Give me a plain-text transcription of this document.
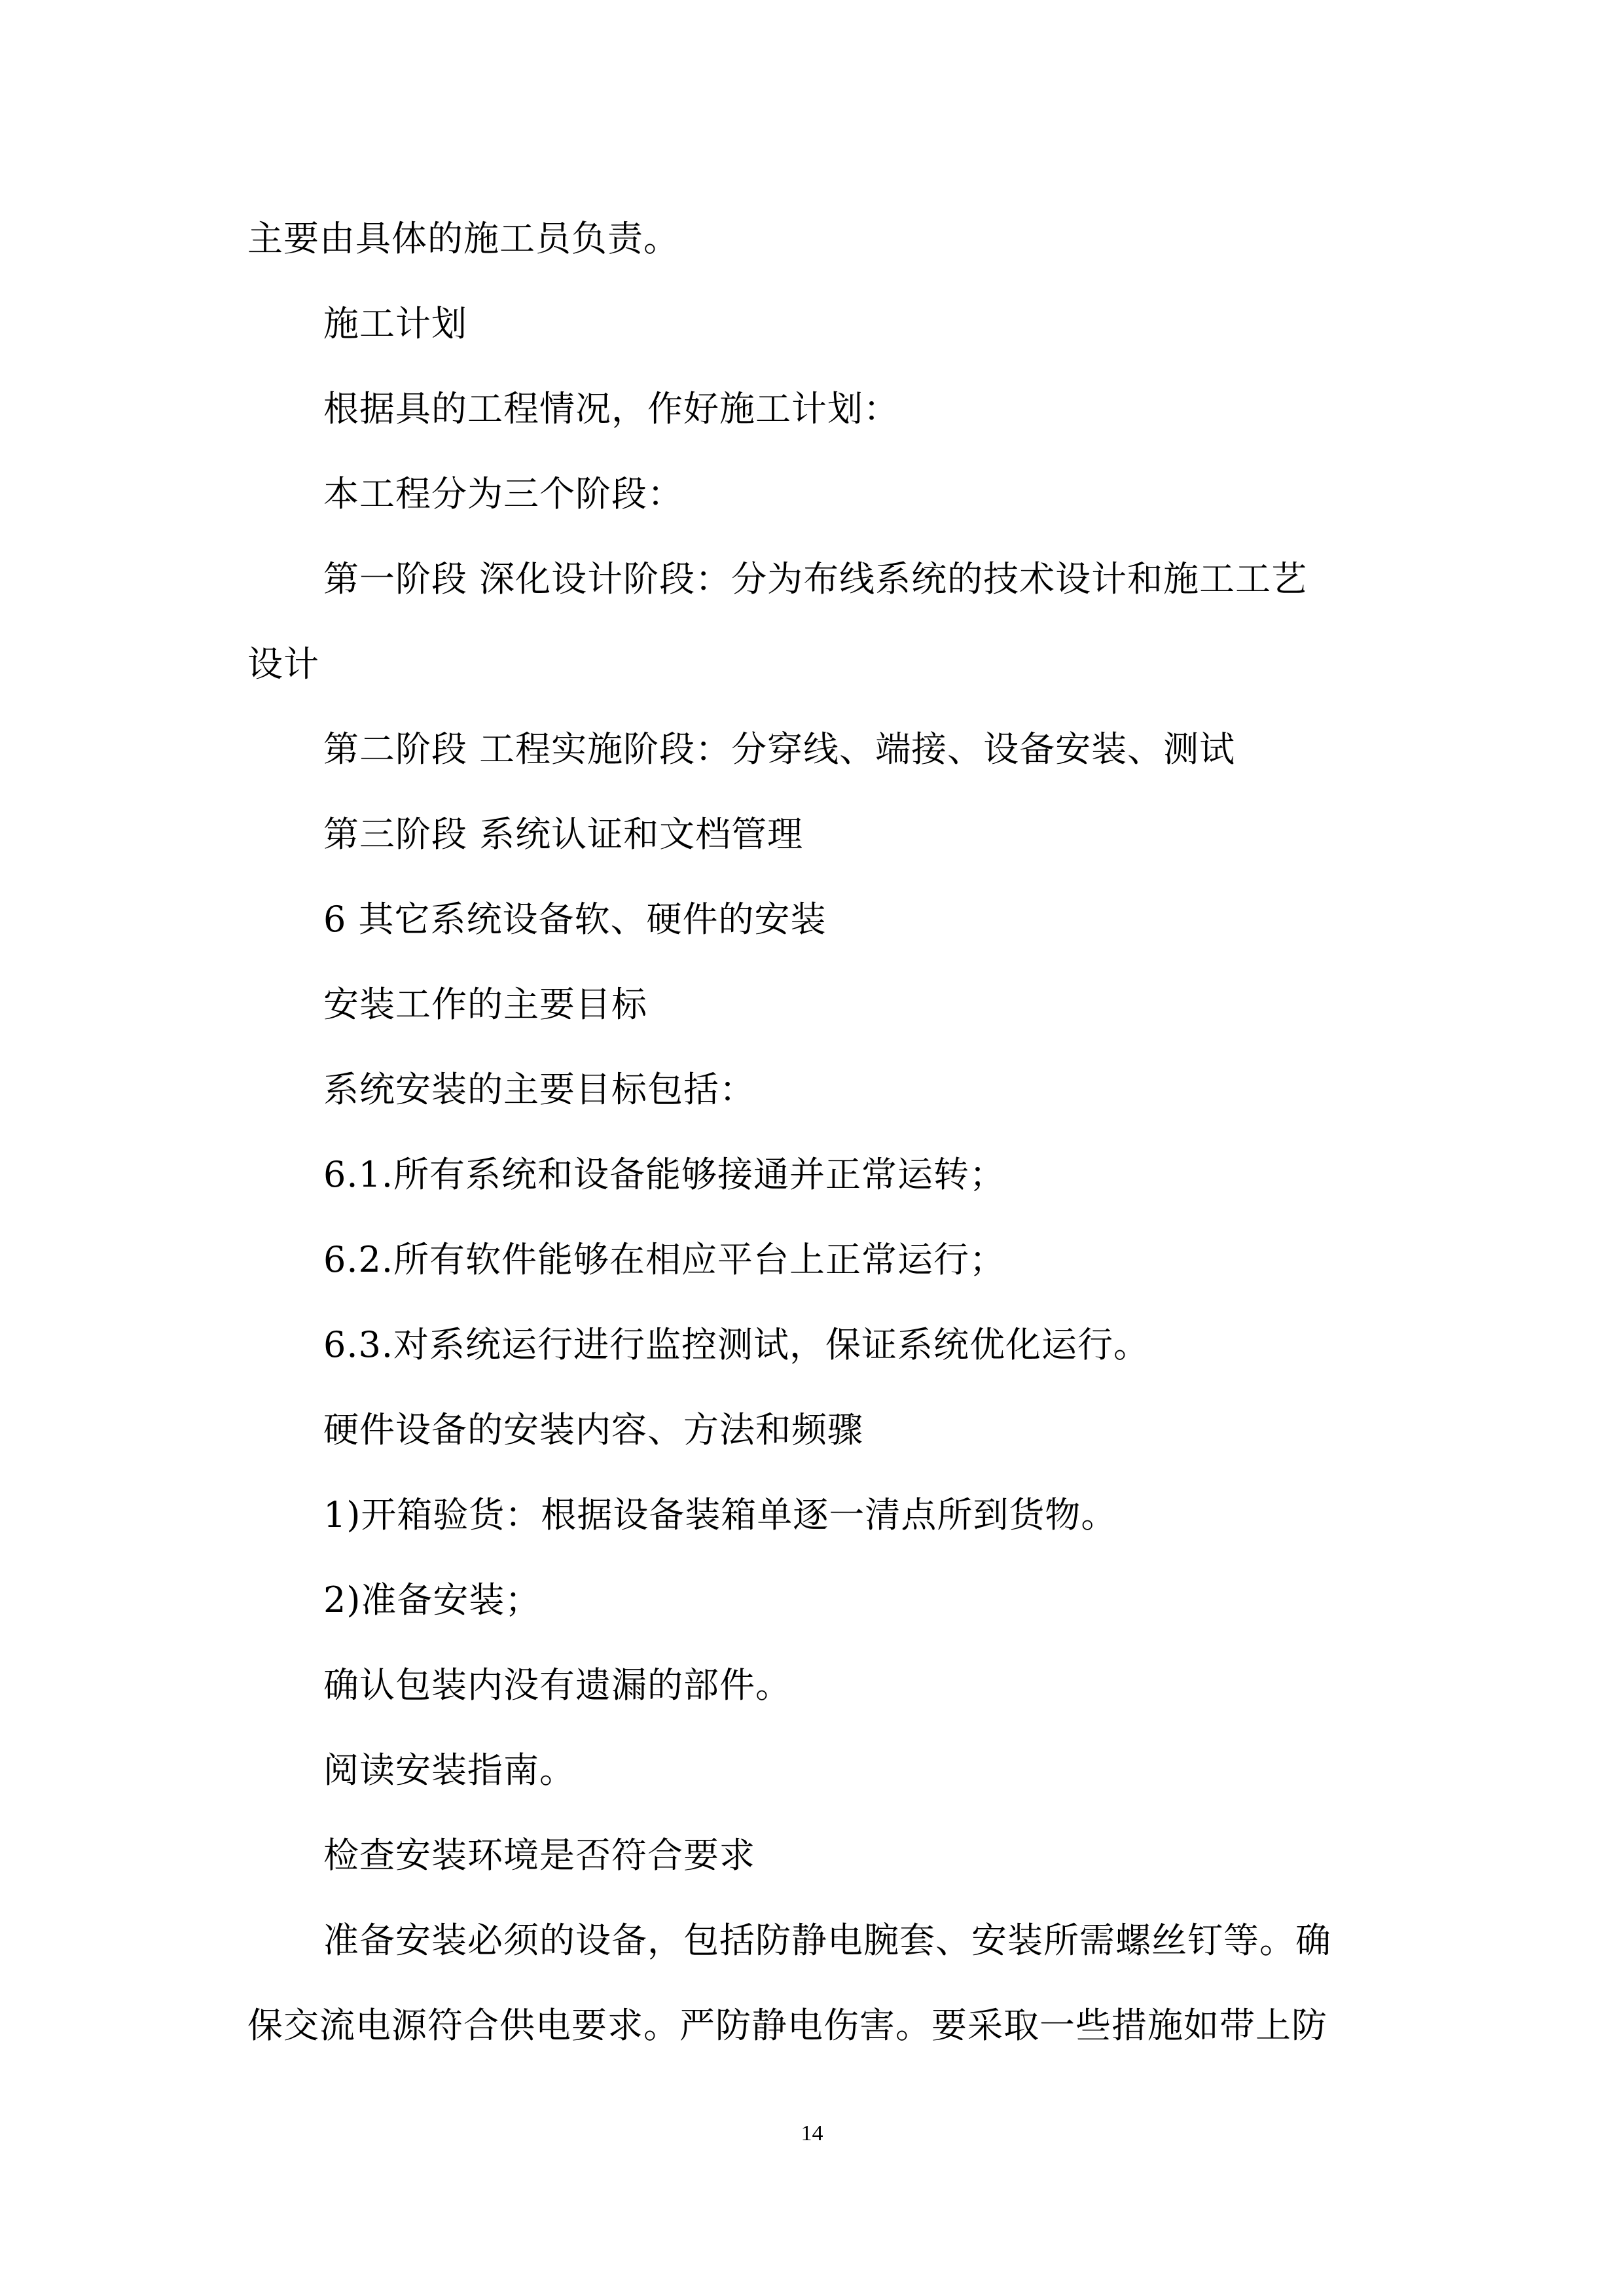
主要由具体的施工员负责。
施工计划
根据具的工程情况，作好施工计划：
本工程分为三个阶段：
第一阶段 深化设计阶段：分为布线系统的技术设计和施工工艺
设计
第二阶段 工程实施阶段：分穿线、端接、设备安装、测试
第三阶段 系统认证和文档管理
6 其它系统设备软、硬件的安装
安装工作的主要目标
系统安装的主要目标包括：
6.1.所有系统和设备能够接通并正常运转；
6.2.所有软件能够在相应平台上正常运行；
6.3.对系统运行进行监控测试，保证系统优化运行。
硬件设备的安装内容、方法和频骤
1)开箱验货：根据设备装箱单逐一清点所到货物。
2)准备安装；
确认包装内没有遗漏的部件。
阅读安装指南。
检查安装环境是否符合要求
准备安装必须的设备，包括防静电腕套、安装所需螺丝钉等。确
保交流电源符合供电要求。严防静电伤害。要采取一些措施如带上防
14
